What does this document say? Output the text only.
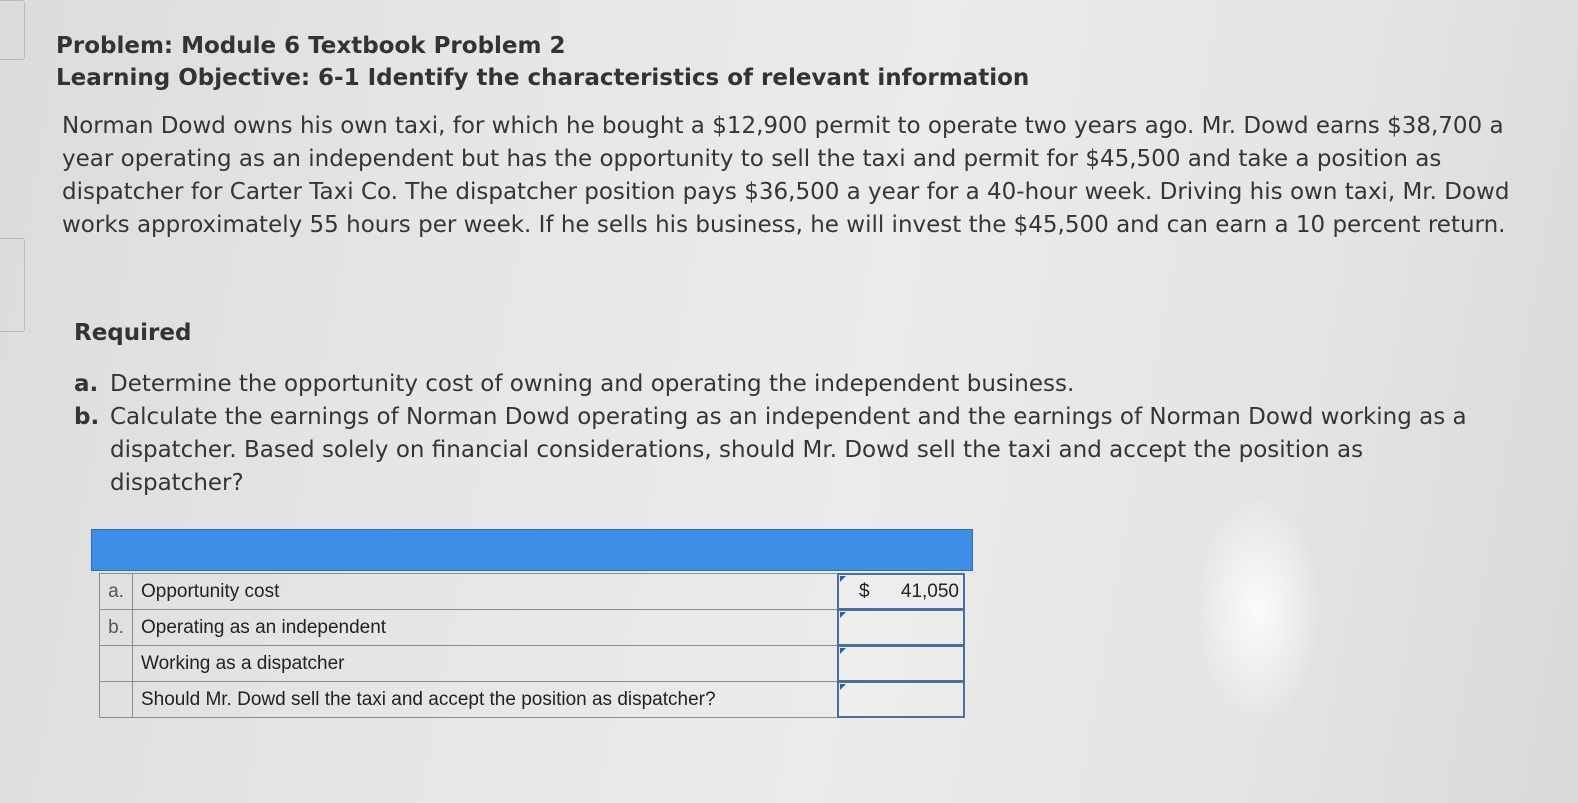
Problem: Module 6 Textbook Problem 2
Learning Objective: 6-1 Identify the characteristics of relevant information

Norman Dowd owns his own taxi, for which he bought a $12,900 permit to operate two years ago. Mr. Dowd earns $38,700 a year operating as an independent but has the opportunity to sell the taxi and permit for $45,500 and take a position as dispatcher for Carter Taxi Co. The dispatcher position pays $36,500 a year for a 40-hour week. Driving his own taxi, Mr. Dowd works approximately 55 hours per week. If he sells his business, he will invest the $45,500 and can earn a 10 percent return.

Required
a. Determine the opportunity cost of owning and operating the independent business.
b. Calculate the earnings of Norman Dowd operating as an independent and the earnings of Norman Dowd working as a dispatcher. Based solely on financial considerations, should Mr. Dowd sell the taxi and accept the position as dispatcher?
a. Opportunity cost	$ 41,050
b. Operating as an independent
Working as a dispatcher
Should Mr. Dowd sell the taxi and accept the position as dispatcher?
